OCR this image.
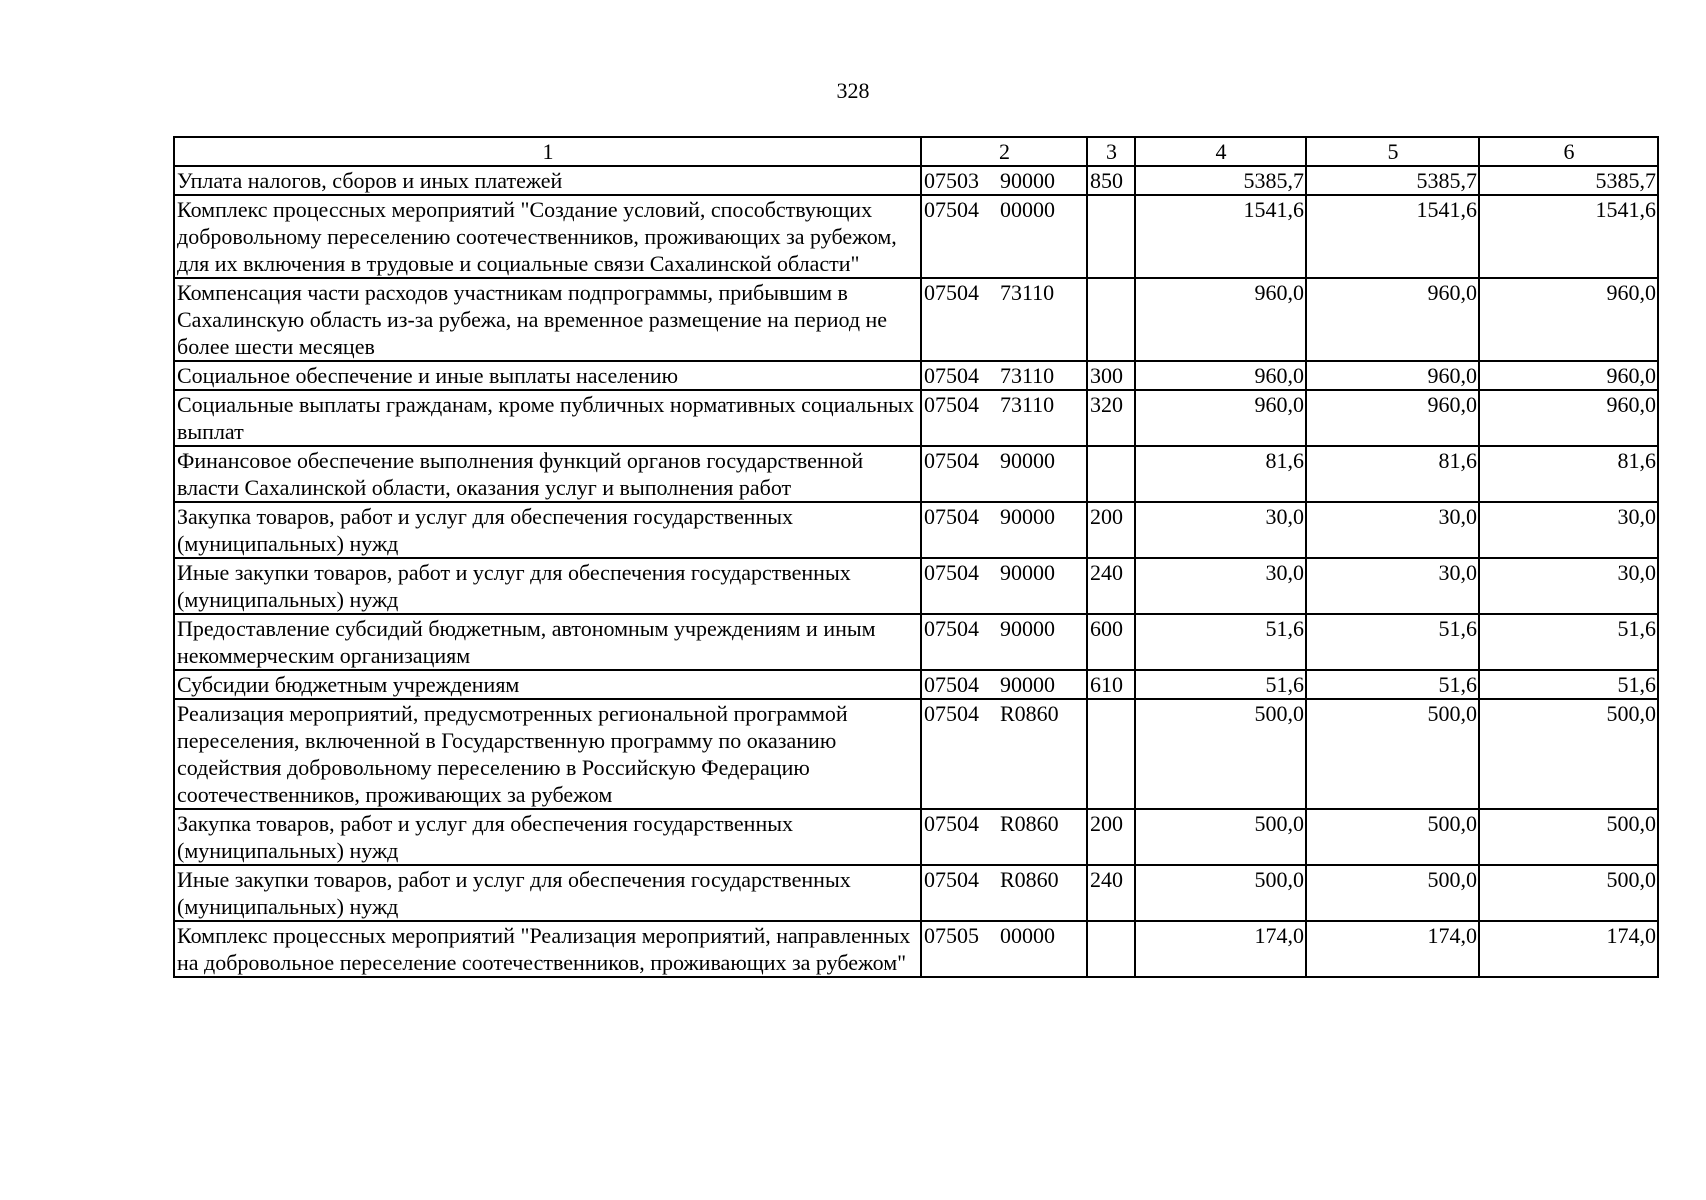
328
1	2	3	4	5	6
Уплата налогов, сборов и иных платежей	07503 90000	850	5385,7	5385,7	5385,7
Комплекс процессных мероприятий "Создание условий, способствующих добровольному переселению соотечественников, проживающих за рубежом, для их включения в трудовые и социальные связи Сахалинской области"	07504 00000		1541,6	1541,6	1541,6
Компенсация части расходов участникам подпрограммы, прибывшим в Сахалинскую область из-за рубежа, на временное размещение на период не более шести месяцев	07504 73110		960,0	960,0	960,0
Социальное обеспечение и иные выплаты населению	07504 73110	300	960,0	960,0	960,0
Социальные выплаты гражданам, кроме публичных нормативных социальных выплат	07504 73110	320	960,0	960,0	960,0
Финансовое обеспечение выполнения функций органов государственной власти Сахалинской области, оказания услуг и выполнения работ	07504 90000		81,6	81,6	81,6
Закупка товаров, работ и услуг для обеспечения государственных (муниципальных) нужд	07504 90000	200	30,0	30,0	30,0
Иные закупки товаров, работ и услуг для обеспечения государственных (муниципальных) нужд	07504 90000	240	30,0	30,0	30,0
Предоставление субсидий бюджетным, автономным учреждениям и иным некоммерческим организациям	07504 90000	600	51,6	51,6	51,6
Субсидии бюджетным учреждениям	07504 90000	610	51,6	51,6	51,6
Реализация мероприятий, предусмотренных региональной программой переселения, включенной в Государственную программу по оказанию содействия добровольному переселению в Российскую Федерацию соотечественников, проживающих за рубежом	07504 R0860		500,0	500,0	500,0
Закупка товаров, работ и услуг для обеспечения государственных (муниципальных) нужд	07504 R0860	200	500,0	500,0	500,0
Иные закупки товаров, работ и услуг для обеспечения государственных (муниципальных) нужд	07504 R0860	240	500,0	500,0	500,0
Комплекс процессных мероприятий "Реализация мероприятий, направленных на добровольное переселение соотечественников, проживающих за рубежом"	07505 00000		174,0	174,0	174,0
